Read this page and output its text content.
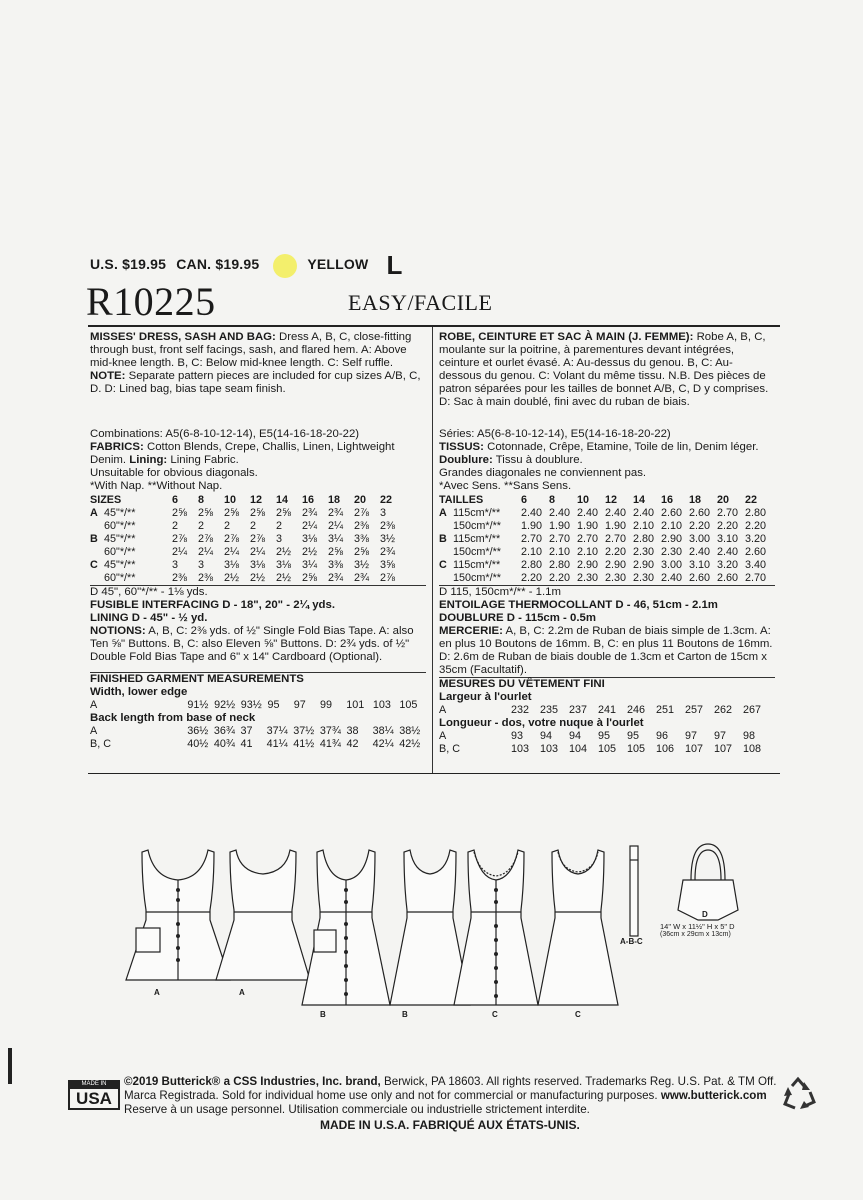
U.S. $19.95 CAN. $19.95	YELLOW L
R10225	EASY/FACILE
MISSES' DRESS, SASH AND BAG: Dress A, B, C, close-fitting through bust, front self facings, sash, and flared hem. A: Above mid-knee length. B, C: Below mid-knee length. C: Self ruffle. NOTE: Separate pattern pieces are included for cup sizes A/B, C, D. D: Lined bag, bias tape seam finish.
Combinations: A5(6-8-10-12-14), E5(14-16-18-20-22)
FABRICS: Cotton Blends, Crepe, Challis, Linen, Lightweight Denim. Lining: Lining Fabric.
Unsuitable for obvious diagonals.
*With Nap. **Without Nap.
SIZES		6	8	10	12	14	16	18	20	22
A	45"*/**	2⅝	2⅝	2⅝	2⅝	2⅝	2¾	2¾	2⅞	3
	60"*/**	2	2	2	2	2	2¼	2¼	2⅜	2⅜
B	45"*/**	2⅞	2⅞	2⅞	2⅞	3	3⅛	3¼	3⅜	3½
	60"*/**	2¼	2¼	2¼	2¼	2½	2½	2⅝	2⅝	2¾
C	45"*/**	3	3	3⅛	3⅛	3⅛	3¼	3⅜	3½	3⅝
	60"*/**	2⅜	2⅜	2½	2½	2½	2⅝	2¾	2¾	2⅞
D 45", 60"*/** - 1⅛ yds.
FUSIBLE INTERFACING D - 18", 20" - 2¼ yds.
LINING D - 45" - ½ yd.
NOTIONS: A, B, C: 2⅜ yds. of ½" Single Fold Bias Tape. A: also Ten ⅝" Buttons. B, C: also Eleven ⅝" Buttons. D: 2¾ yds. of ½" Double Fold Bias Tape and 6" x 14" Cardboard (Optional).
FINISHED GARMENT MEASUREMENTS
Width, lower edge
A	91½	92½	93½	95	97	99	101	103	105
Back length from base of neck
A	36½	36¾	37	37¼	37½	37¾	38	38¼	38½
B, C	40½	40¾	41	41¼	41½	41¾	42	42¼	42½
ROBE, CEINTURE ET SAC À MAIN (J. FEMME): Robe A, B, C, moulante sur la poitrine, à parementures devant intégrées, ceinture et ourlet évasé. A: Au-dessus du genou. B, C: Au-dessous du genou. C: Volant du même tissu. N.B. Des pièces de patron séparées pour les tailles de bonnet A/B, C, D y comprises. D: Sac à main doublé, fini avec du ruban de biais.
Séries: A5(6-8-10-12-14), E5(14-16-18-20-22)
TISSUS: Cotonnade, Crêpe, Etamine, Toile de lin, Denim léger.
Doublure: Tissu à doublure.
Grandes diagonales ne conviennent pas.
*Avec Sens. **Sans Sens.
TAILLES		6	8	10	12	14	16	18	20	22
A	115cm*/**	2.40	2.40	2.40	2.40	2.40	2.60	2.60	2.70	2.80
	150cm*/**	1.90	1.90	1.90	1.90	2.10	2.10	2.20	2.20	2.20
B	115cm*/**	2.70	2.70	2.70	2.70	2.80	2.90	3.00	3.10	3.20
	150cm*/**	2.10	2.10	2.10	2.20	2.30	2.30	2.40	2.40	2.60
C	115cm*/**	2.80	2.80	2.90	2.90	2.90	3.00	3.10	3.20	3.40
	150cm*/**	2.20	2.20	2.30	2.30	2.30	2.40	2.60	2.60	2.70
D 115, 150cm*/** - 1.1m
ENTOILAGE THERMOCOLLANT D - 46, 51cm - 2.1m
DOUBLURE D - 115cm - 0.5m
MERCERIE: A, B, C: 2.2m de Ruban de biais simple de 1.3cm. A: en plus 10 Boutons de 16mm. B, C: en plus 11 Boutons de 16mm. D: 2.6m de Ruban de biais double de 1.3cm et Carton de 15cm x 35cm (Facultatif).
MESURES DU VÊTEMENT FINI
Largeur à l'ourlet
A	232	235	237	241	246	251	257	262	267
Longueur - dos, votre nuque à l'ourlet
A	93	94	94	95	95	96	97	97	98
B, C	103	103	104	105	105	106	107	107	108
A	A
B	B	C	C
A-B-C
D
14" W x 11½" H x 5" D
(36cm x 29cm x 13cm)
MADE IN
USA
©2019 Butterick® a CSS Industries, Inc. brand, Berwick, PA 18603. All rights reserved. Trademarks Reg. U.S. Pat. & TM Off. Marca Registrada. Sold for individual home use only and not for commercial or manufacturing purposes. www.butterick.com Reserve à un usage personnel. Utilisation commerciale ou industrielle strictement interdite.
MADE IN U.S.A. FABRIQUÉ AUX ÉTATS-UNIS.
